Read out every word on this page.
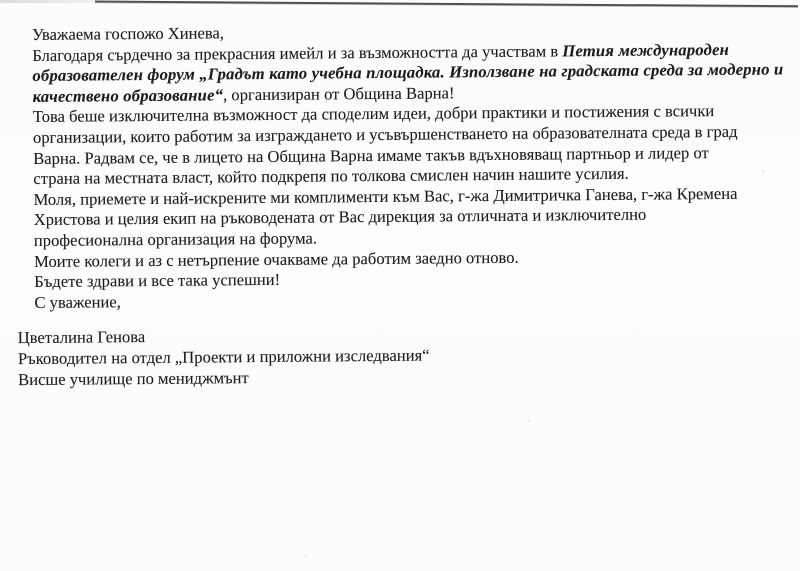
Уважаема госпожо Хинева,

Благодаря сърдечно за прекрасния имейл и за възможността да участвам в Петия международен
образователен форум „Градът като учебна площадка. Използване на градската среда за модерно и
качествено образование“, организиран от Община Варна!

Това беше изключителна възможност да споделим идеи, добри практики и постижения с всички
организации, които работим за изграждането и усъвършенстването на образователната среда в град
Варна. Радвам се, че в лицето на Община Варна имаме такъв вдъхновяващ партньор и лидер от
страна на местната власт, който подкрепя по толкова смислен начин нашите усилия.

Моля, приемете и най-искрените ми комплименти към Вас, г-жа Димитричка Ганева, г-жа Кремена
Христова и целия екип на ръководената от Вас дирекция за отличната и изключително
професионална организация на форума.

Моите колеги и аз с нетърпение очакваме да работим заедно отново.

Бъдете здрави и все така успешни!

С уважение,

Цветалина Генова
Ръководител на отдел „Проекти и приложни изследвания“
Висше училище по мениджмънт
